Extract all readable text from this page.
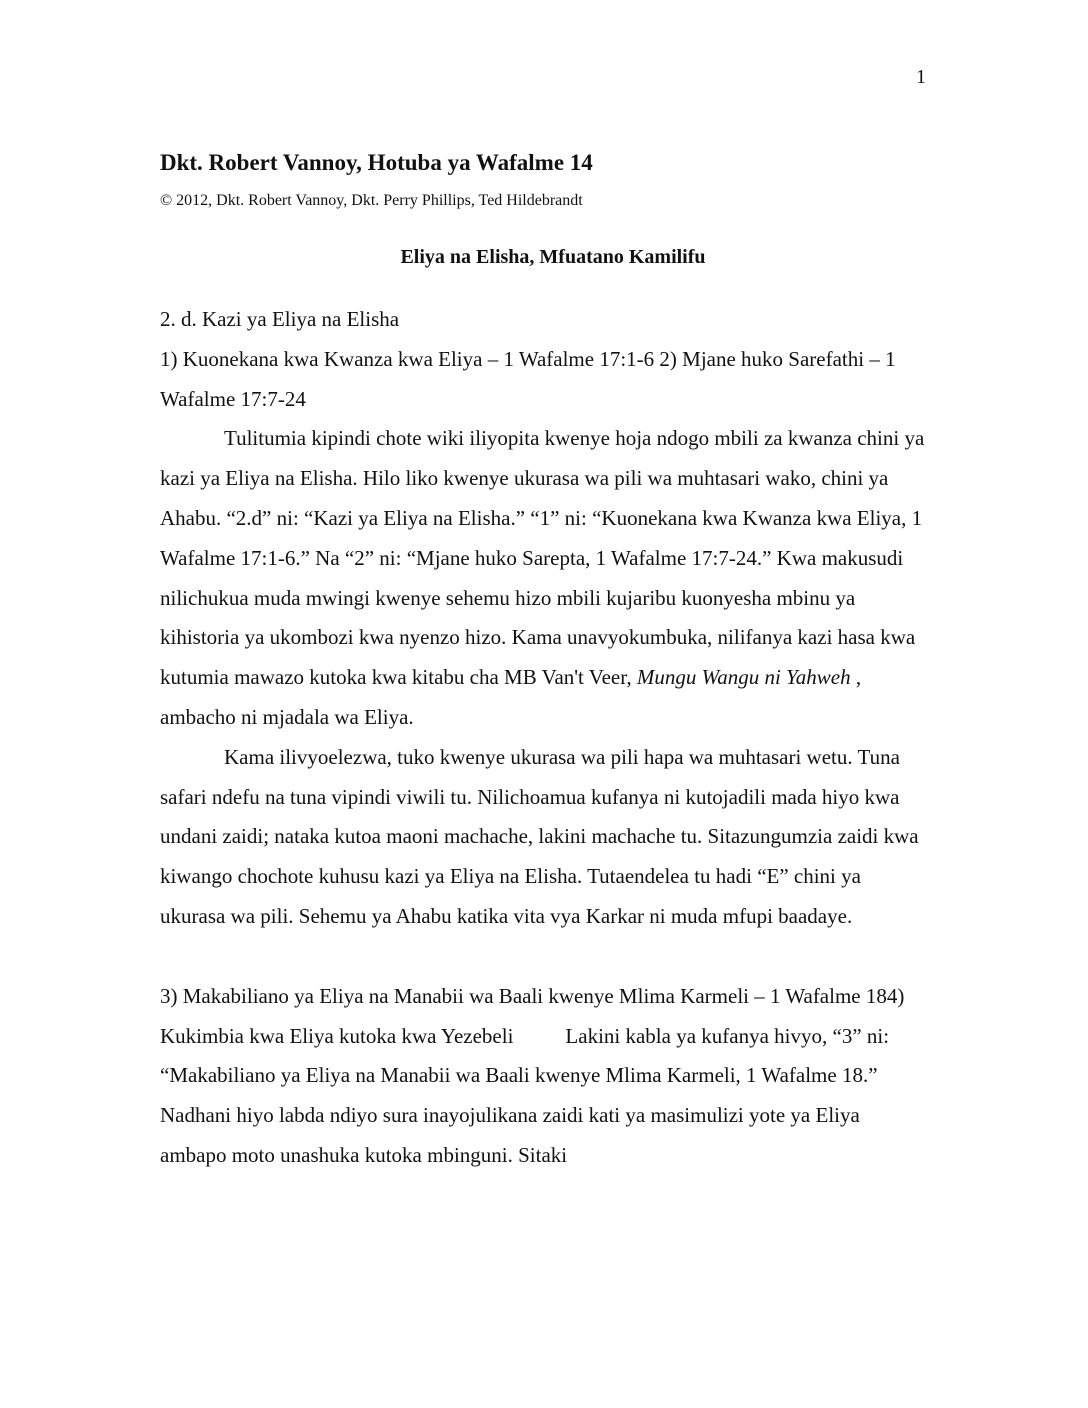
1
Dkt. Robert Vannoy, Hotuba ya Wafalme 14
© 2012, Dkt. Robert Vannoy, Dkt. Perry Phillips, Ted Hildebrandt
Eliya na Elisha, Mfuatano Kamilifu

2. d. Kazi ya Eliya na Elisha

1) Kuonekana kwa Kwanza kwa Eliya – 1 Wafalme 17:1-6 2) Mjane huko Sarefathi – 1 Wafalme 17:7-24

Tulitumia kipindi chote wiki iliyopita kwenye hoja ndogo mbili za kwanza chini ya kazi ya Eliya na Elisha. Hilo liko kwenye ukurasa wa pili wa muhtasari wako, chini ya Ahabu. “2.d” ni: “Kazi ya Eliya na Elisha.” “1” ni: “Kuonekana kwa Kwanza kwa Eliya, 1 Wafalme 17:1-6.” Na “2” ni: “Mjane huko Sarepta, 1 Wafalme 17:7-24.” Kwa makusudi nilichukua muda mwingi kwenye sehemu hizo mbili kujaribu kuonyesha mbinu ya kihistoria ya ukombozi kwa nyenzo hizo. Kama unavyokumbuka, nilifanya kazi hasa kwa kutumia mawazo kutoka kwa kitabu cha MB Van't Veer, Mungu Wangu ni Yahweh , ambacho ni mjadala wa Eliya.

Kama ilivyoelezwa, tuko kwenye ukurasa wa pili hapa wa muhtasari wetu. Tuna safari ndefu na tuna vipindi viwili tu. Nilichoamua kufanya ni kutojadili mada hiyo kwa undani zaidi; nataka kutoa maoni machache, lakini machache tu. Sitazungumzia zaidi kwa kiwango chochote kuhusu kazi ya Eliya na Elisha. Tutaendelea tu hadi “E” chini ya ukurasa wa pili. Sehemu ya Ahabu katika vita vya Karkar ni muda mfupi baadaye.

3) Makabiliano ya Eliya na Manabii wa Baali kwenye Mlima Karmeli – 1 Wafalme 184) Kukimbia kwa Eliya kutoka kwa Yezebeli Lakini kabla ya kufanya hivyo, “3” ni: “Makabiliano ya Eliya na Manabii wa Baali kwenye Mlima Karmeli, 1 Wafalme 18.” Nadhani hiyo labda ndiyo sura inayojulikana zaidi kati ya masimulizi yote ya Eliya ambapo moto unashuka kutoka mbinguni. Sitaki
